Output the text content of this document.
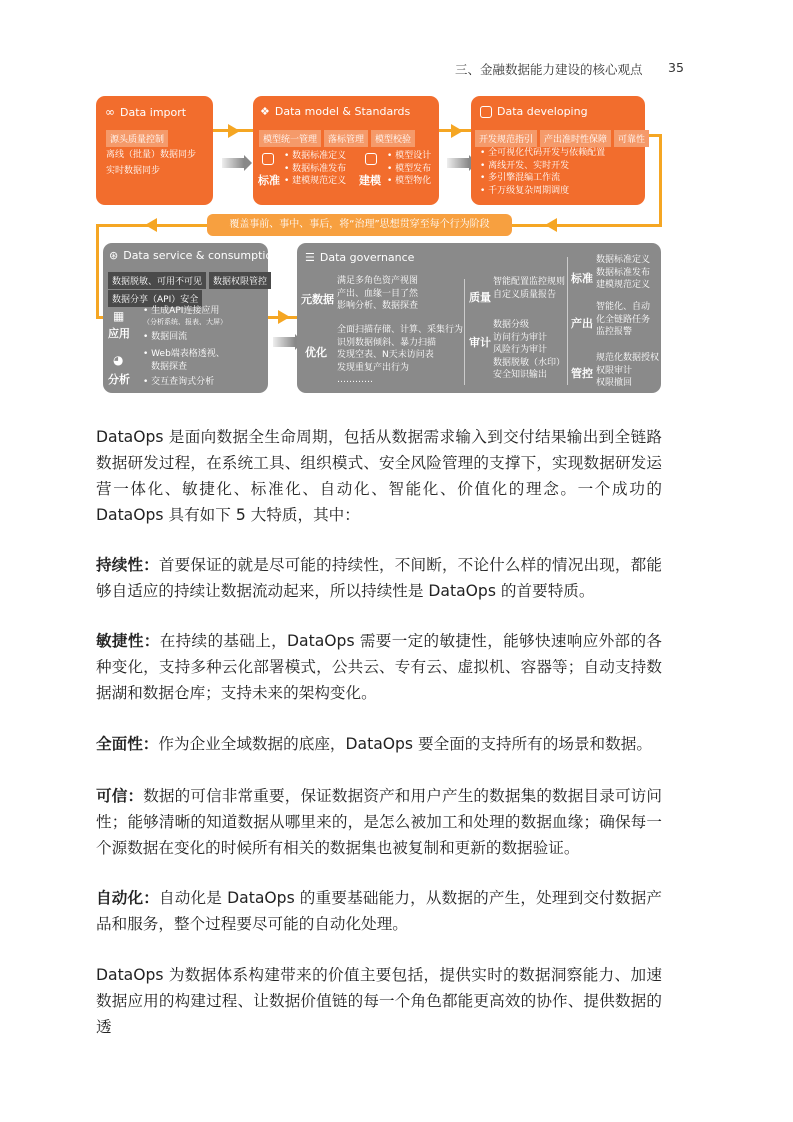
三、金融数据能力建设的核心观点 35
∞ Data import
源头质量控制
离线（批量）数据同步
实时数据同步
❖ Data model & Standards
模型统一管理 落标管理 模型校验
标准
• 数据标准定义
• 数据标准发布
• 建模规范定义 建模
• 模型设计
• 模型发布
• 模型物化
Data developing
开发规范指引 产出准时性保障 可靠性
• 全可视化代码开发与依赖配置
• 离线开发、实时开发
• 多引擎混编工作流
• 千万级复杂周期调度
覆盖事前、事中、事后，将“治理”思想贯穿至每个行为阶段
⊛ Data service & consumption
数据脱敏、可用不可见 数据权限管控
数据分享（API）安全
▦
应用
• 生成API连接应用
（分析系统、报表、大屏）
• 数据回流
◕
分析
• Web端表格透视、
数据探查
• 交互查询式分析
☰ Data governance
元数据
满足多角色资产视图
产出、血缘一目了然
影响分析、数据探查
优化
全面扫描存储、计算、采集行为
识别数据倾斜、暴力扫描
发现空表、N天未访问表
发现重复产出行为
…………
质量
智能配置监控规则
自定义质量报告
审计
数据分级
访问行为审计
风险行为审计
数据脱敏（水印）
安全知识输出
标准
数据标准定义
数据标准发布
建模规范定义
产出
智能化、自动
化全链路任务
监控报警
管控
规范化数据授权
权限审计
权限撤回

DataOps 是面向数据全生命周期，包括从数据需求输入到交付结果输出到全链路数据研发过程，在系统工具、组织模式、安全风险管理的支撑下，实现数据研发运营一体化、敏捷化、标准化、自动化、智能化、价值化的理念。一个成功的 DataOps 具有如下 5 大特质，其中：

持续性：首要保证的就是尽可能的持续性，不间断，不论什么样的情况出现，都能够自适应的持续让数据流动起来，所以持续性是 DataOps 的首要特质。

敏捷性：在持续的基础上，DataOps 需要一定的敏捷性，能够快速响应外部的各种变化，支持多种云化部署模式，公共云、专有云、虚拟机、容器等；自动支持数据湖和数据仓库；支持未来的架构变化。

全面性：作为企业全域数据的底座，DataOps 要全面的支持所有的场景和数据。

可信：数据的可信非常重要，保证数据资产和用户产生的数据集的数据目录可访问性；能够清晰的知道数据从哪里来的，是怎么被加工和处理的数据血缘；确保每一个源数据在变化的时候所有相关的数据集也被复制和更新的数据验证。

自动化：自动化是 DataOps 的重要基础能力，从数据的产生，处理到交付数据产品和服务，整个过程要尽可能的自动化处理。

DataOps 为数据体系构建带来的价值主要包括，提供实时的数据洞察能力、加速数据应用的构建过程、让数据价值链的每一个角色都能更高效的协作、提供数据的透
